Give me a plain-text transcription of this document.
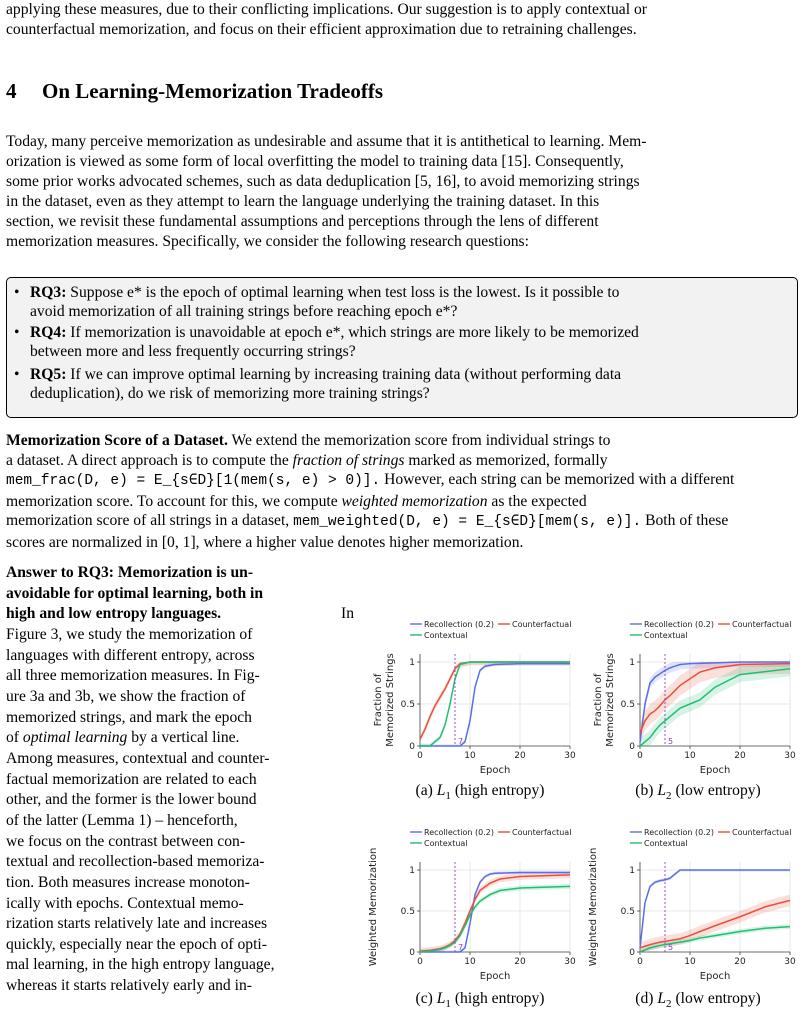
applying these measures, due to their conflicting implications. Our suggestion is to apply contextual or
counterfactual memorization, and focus on their efficient approximation due to retraining challenges.
4 On Learning-Memorization Tradeoffs
Today, many perceive memorization as undesirable and assume that it is antithetical to learning. Mem-
orization is viewed as some form of local overfitting the model to training data [15]. Consequently,
some prior works advocated schemes, such as data deduplication [5, 16], to avoid memorizing strings
in the dataset, even as they attempt to learn the language underlying the training dataset. In this
section, we revisit these fundamental assumptions and perceptions through the lens of different
memorization measures. Specifically, we consider the following research questions:
• RQ3: Suppose e* is the epoch of optimal learning when test loss is the lowest. Is it possible to
avoid memorization of all training strings before reaching epoch e*?
• RQ4: If memorization is unavoidable at epoch e*, which strings are more likely to be memorized
between more and less frequently occurring strings?
• RQ5: If we can improve optimal learning by increasing training data (without performing data
deduplication), do we risk of memorizing more training strings?
Memorization Score of a Dataset. We extend the memorization score from individual strings to
a dataset. A direct approach is to compute the fraction of strings marked as memorized, formally
mem_frac(D, e) = E_{s∈D}[1(mem(s, e) > 0)]. However, each string can be memorized with a different
memorization score. To account for this, we compute weighted memorization as the expected
memorization score of all strings in a dataset, mem_weighted(D, e) = E_{s∈D}[mem(s, e)]. Both of these
scores are normalized in [0, 1], where a higher value denotes higher memorization.
Answer to RQ3: Memorization is un-
avoidable for optimal learning, both in
high and low entropy languages.	In
Figure 3, we study the memorization of
languages with different entropy, across
all three memorization measures. In Fig-
ure 3a and 3b, we show the fraction of
memorized strings, and mark the epoch
of optimal learning by a vertical line.
Among measures, contextual and counter-
factual memorization are related to each
other, and the former is the lower bound
of the latter (Lemma 1) – henceforth,
we focus on the contrast between con-
textual and recollection-based memoriza-
tion. Both measures increase monoton-
ically with epochs. Contextual memo-
rization starts relatively late and increases
quickly, especially near the epoch of opti-
mal learning, in the high entropy language,
whereas it starts relatively early and in-
Recollection (0.2) Counterfactual
Contextual
0	10	20	30
0
0.5
1
Epoch
Fraction of Memorized Strings	7
Recollection (0.2) Counterfactual
Contextual
0	10	20	30
0
0.5
1
Epoch
Fraction of Memorized Strings	5
Recollection (0.2) Counterfactual
Contextual
0	10	20	30
0
0.5
1
Epoch
Weighted Memorization	7
Recollection (0.2) Counterfactual
Contextual
0	10	20	30
0
0.5
1
Epoch
Weighted Memorization	5
(a) $L_1$ (high entropy)	(b) $L_2$ (low entropy)
(c) $L_1$ (high entropy)	(d) $L_2$ (low entropy)
